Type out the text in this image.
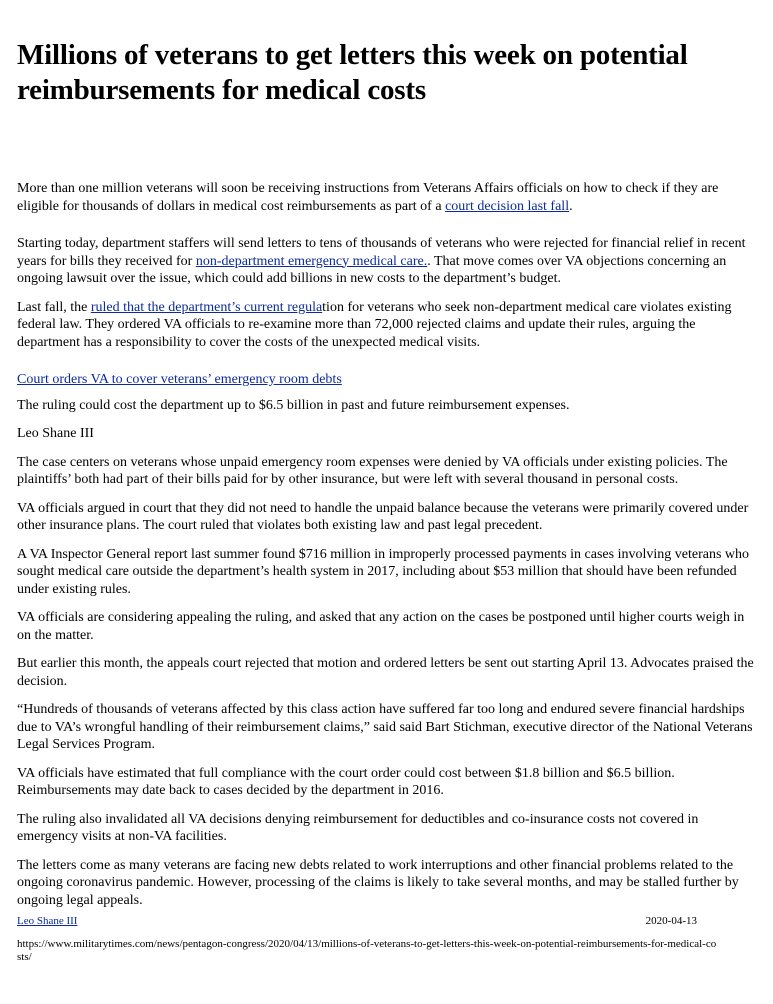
Millions of veterans to get letters this week on potential reimbursements for medical costs

More than one million veterans will soon be receiving instructions from Veterans Affairs officials on how to check if they are eligible for thousands of dollars in medical cost reimbursements as part of a court decision last fall.

Starting today, department staffers will send letters to tens of thousands of veterans who were rejected for financial relief in recent years for bills they received for non-department emergency medical care.. That move comes over VA objections concerning an ongoing lawsuit over the issue, which could add billions in new costs to the department’s budget.

Last fall, the ruled that the department’s current regulation for veterans who seek non-department medical care violates existing federal law. They ordered VA officials to re-examine more than 72,000 rejected claims and update their rules, arguing the department has a responsibility to cover the costs of the unexpected medical visits.

Court orders VA to cover veterans’ emergency room debts

The ruling could cost the department up to $6.5 billion in past and future reimbursement expenses.

Leo Shane III

The case centers on veterans whose unpaid emergency room expenses were denied by VA officials under existing policies. The plaintiffs’ both had part of their bills paid for by other insurance, but were left with several thousand in personal costs.

VA officials argued in court that they did not need to handle the unpaid balance because the veterans were primarily covered under other insurance plans. The court ruled that violates both existing law and past legal precedent.

A VA Inspector General report last summer found $716 million in improperly processed payments in cases involving veterans who sought medical care outside the department’s health system in 2017, including about $53 million that should have been refunded under existing rules.

VA officials are considering appealing the ruling, and asked that any action on the cases be postponed until higher courts weigh in on the matter.

But earlier this month, the appeals court rejected that motion and ordered letters be sent out starting April 13. Advocates praised the decision.

“Hundreds of thousands of veterans affected by this class action have suffered far too long and endured severe financial hardships due to VA’s wrongful handling of their reimbursement claims,” said said Bart Stichman, executive director of the National Veterans Legal Services Program.

VA officials have estimated that full compliance with the court order could cost between $1.8 billion and $6.5 billion. Reimbursements may date back to cases decided by the department in 2016.

The ruling also invalidated all VA decisions denying reimbursement for deductibles and co-insurance costs not covered in emergency visits at non-VA facilities.

The letters come as many veterans are facing new debts related to work interruptions and other financial problems related to the ongoing coronavirus pandemic. However, processing of the claims is likely to take several months, and may be stalled further by ongoing legal appeals.

Leo Shane III	2020-04-13
https://www.militarytimes.com/news/pentagon-congress/2020/04/13/millions-of-veterans-to-get-letters-this-week-on-potential-reimbursements-for-medical-costs/
